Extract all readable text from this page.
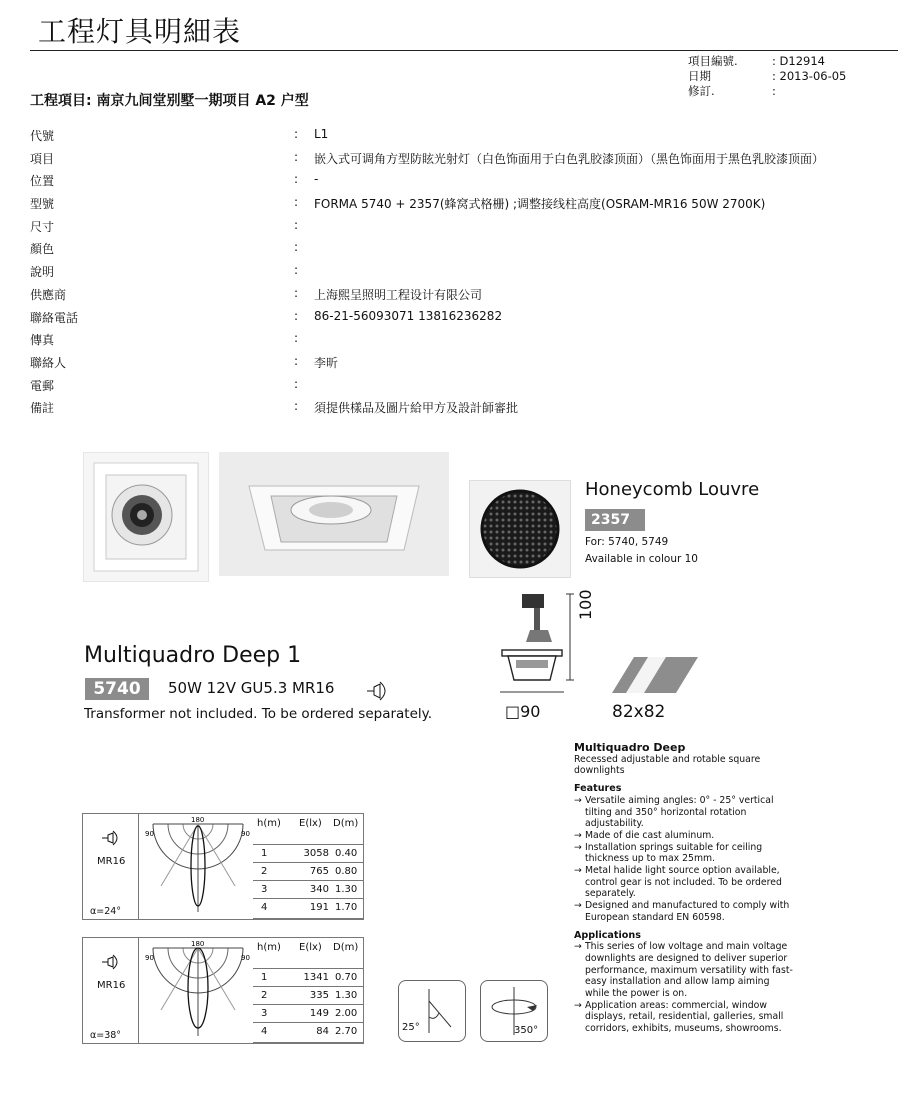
工程灯具明細表
項目編號.	: D12914
日期	: 2013-06-05
修訂.	:
工程項目: 南京九间堂别墅一期项目 A2 户型
代號	: L1
項目	: 嵌入式可调角方型防眩光射灯（白色饰面用于白色乳胶漆顶面）（黑色饰面用于黑色乳胶漆顶面）
位置	: -
型號	: FORMA 5740 + 2357(蜂窝式格栅) ;调整接线柱高度(OSRAM-MR16 50W 2700K)
尺寸	:
顏色	:
說明	:
供應商	: 上海熙呈照明工程设计有限公司
聯絡電話	: 86-21-56093071 13816236282
傳真	:
聯絡人	: 李昕
電郵	:
備註	: 須提供樣品及圖片給甲方及設計師審批
Honeycomb Louvre
2357
For: 5740, 5749
Available in colour 10
100
□90	82x82
Multiquadro Deep 1
5740	50W 12V GU5.3 MR16
Transformer not included. To be ordered separately.
Multiquadro Deep
Recessed adjustable and rotable square downlights
Features
→ Versatile aiming angles: 0° - 25° vertical tilting and 350° horizontal rotation adjustability.
→ Made of die cast aluminum.
→ Installation springs suitable for ceiling thickness up to max 25mm.
→ Metal halide light source option available, control gear is not included. To be ordered separately.
→ Designed and manufactured to comply with European standard EN 60598.
Applications
→ This series of low voltage and main voltage downlights are designed to deliver superior performance, maximum versatility with fast-easy installation and allow lamp aiming while the power is on.
→ Application areas: commercial, window displays, retail, residential, galleries, small corridors, exhibits, museums, showrooms.
MR16
α=24°
180
90	90
h(m) E(lx) D(m)
1	3058 0.40
2	765 0.80
3	340 1.30
4	191 1.70
MR16
α=38°
180
90	90
h(m) E(lx) D(m)
1	1341 0.70
2	335 1.30
3	149 2.00
4	84 2.70	25°	350°
